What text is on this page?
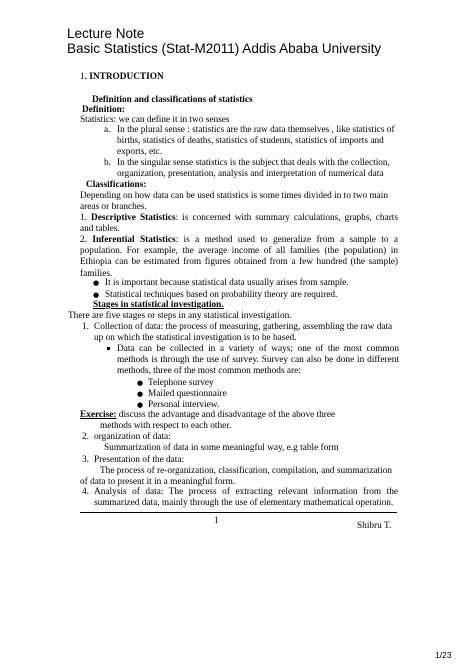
Lecture Note
Basic Statistics (Stat-M2011) Addis Ababa University
1. INTRODUCTION
Definition and classifications of statistics
Definition:
Statistics: we can define it in two senses
a. In the plural sense : statistics are the raw data themselves , like statistics of births, statistics of deaths, statistics of students, statistics of imports and exports, etc.
b. In the singular sense statistics is the subject that deals with the collection, organization, presentation, analysis and interpretation of numerical data
Classifications:
Depending on how data can be used statistics is some times divided in to two main areas or branches.
1. Descriptive Statistics: is concerned with summary calculations, graphs, charts and tables.
2. Inferential Statistics: is a method used to generalize from a sample to a population. For example, the average income of all families (the population) in Ethiopia can be estimated from figures obtained from a few hundred (the sample) families.
● It is important because statistical data usually arises from sample.
● Statistical techniques based on probability theory are required.
Stages in statistical investigation.
There are five stages or steps in any statistical investigation.
1. Collection of data: the process of measuring, gathering, assembling the raw data up on which the statistical investigation is to be based.
Data can be collected in a variety of ways; one of the most common methods is through the use of survey. Survey can also be done in different methods, three of the most common methods are:
● Telephone survey
● Mailed questionnaire
● Personal interview.
Exercise: discuss the advantage and disadvantage of the above three
methods with respect to each other.
2. organization of data:
Summarization of data in some meaningful way, e.g table form
3. Presentation of the data:
The process of re-organization, classification, compilation, and summarization of data to present it in a meaningful form.
4. Analysis of data: The process of extracting relevant information from the summarized data, mainly through the use of elementary mathematical operation.
1	Shibru T.
1/23
